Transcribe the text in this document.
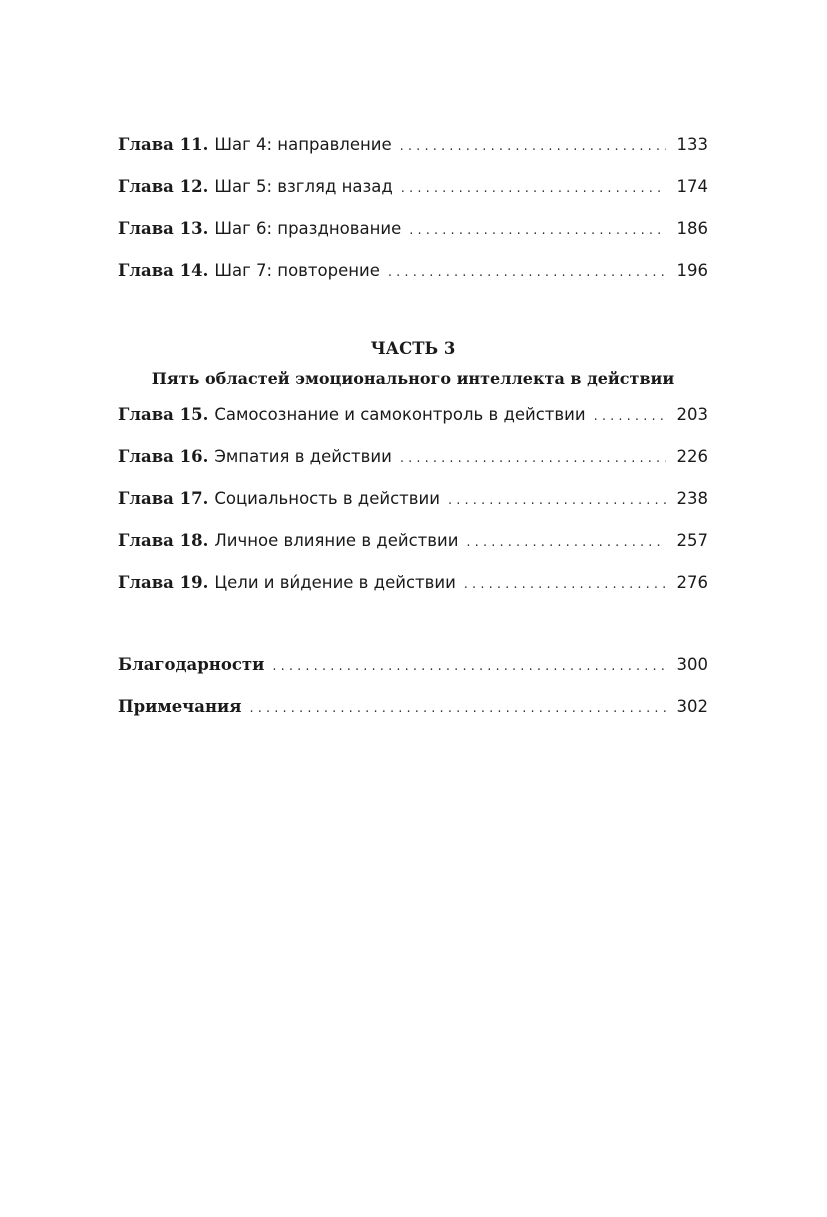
Глава 11. Шаг 4: направление . . .	133
Глава 12. Шаг 5: взгляд назад . . .	174
Глава 13. Шаг 6: празднование . . .	186
Глава 14. Шаг 7: повторение . . .	196
ЧАСТЬ 3
Пять областей эмоционального интеллекта в действии
Глава 15. Самосознание и самоконтроль в действии . . .	203
Глава 16. Эмпатия в действии . . .	226
Глава 17. Социальность в действии . . .	238
Глава 18. Личное влияние в действии . . .	257
Глава 19. Цели и ви́дение в действии . . .	276
Благодарности . . .	300
Примечания . . .	302
